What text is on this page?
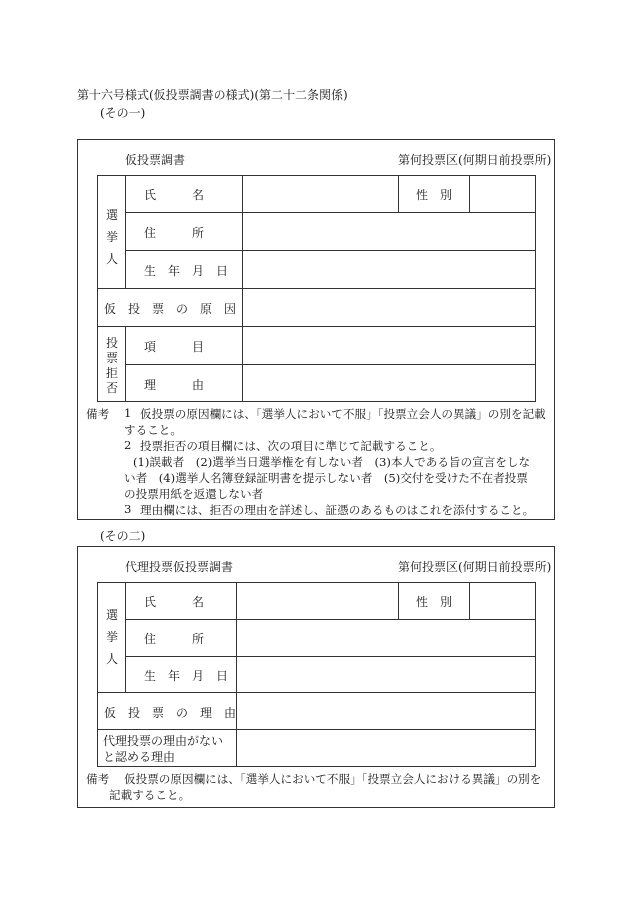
第十六号様式(仮投票調書の様式)(第二十二条関係)
(その一)
仮投票調書	第何投票区(何期日前投票所)
選
挙
人
氏　　　名	性　別
住　　　所
生　年　月　日
仮　投　票　の　原　因
投
票
拒
否
項　　　目
理　　　由
備考 1 仮投票の原因欄には、「選挙人において不服」「投票立会人の異議」の別を記載
すること。
2 投票拒否の項目欄には、次の項目に準じて記載すること。
(1)誤載者　(2)選挙当日選挙権を有しない者　(3)本人である旨の宣言をしな
い者　(4)選挙人名簿登録証明書を提示しない者　(5)交付を受けた不在者投票
の投票用紙を返還しない者
3 理由欄には、拒否の理由を詳述し、証憑のあるものはこれを添付すること。
(その二)
代理投票仮投票調書	第何投票区(何期日前投票所)
選
挙
人
氏　　　名	性　別
住　　　所
生　年　月　日
仮　投　票　の　理　由
代理投票の理由がない
と認める理由
備考 仮投票の原因欄には、「選挙人において不服」「投票立会人における異議」の別を
記載すること。
